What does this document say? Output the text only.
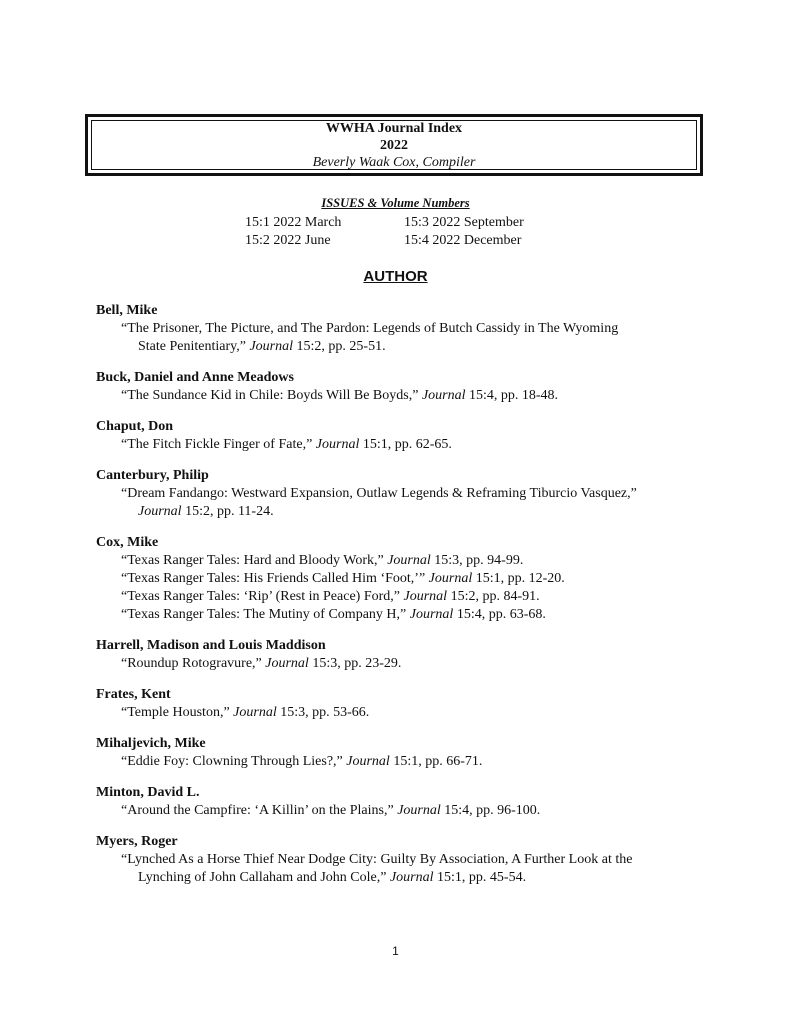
WWHA Journal Index
2022
Beverly Waak Cox, Compiler
ISSUES & Volume Numbers
15:1 2022 March	15:3 2022 September
15:2 2022 June	15:4 2022 December
AUTHOR
Bell, Mike
“The Prisoner, The Picture, and The Pardon: Legends of Butch Cassidy in The Wyoming
State Penitentiary,” Journal 15:2, pp. 25-51.
Buck, Daniel and Anne Meadows
“The Sundance Kid in Chile: Boyds Will Be Boyds,” Journal 15:4, pp. 18-48.
Chaput, Don
“The Fitch Fickle Finger of Fate,” Journal 15:1, pp. 62-65.
Canterbury, Philip
“Dream Fandango: Westward Expansion, Outlaw Legends & Reframing Tiburcio Vasquez,”
Journal 15:2, pp. 11-24.
Cox, Mike
“Texas Ranger Tales: Hard and Bloody Work,” Journal 15:3, pp. 94-99.
“Texas Ranger Tales: His Friends Called Him ‘Foot,’” Journal 15:1, pp. 12-20.
“Texas Ranger Tales: ‘Rip’ (Rest in Peace) Ford,” Journal 15:2, pp. 84-91.
“Texas Ranger Tales: The Mutiny of Company H,” Journal 15:4, pp. 63-68.
Harrell, Madison and Louis Maddison
“Roundup Rotogravure,” Journal 15:3, pp. 23-29.
Frates, Kent
“Temple Houston,” Journal 15:3, pp. 53-66.
Mihaljevich, Mike
“Eddie Foy: Clowning Through Lies?,” Journal 15:1, pp. 66-71.
Minton, David L.
“Around the Campfire: ‘A Killin’ on the Plains,” Journal 15:4, pp. 96-100.
Myers, Roger
“Lynched As a Horse Thief Near Dodge City: Guilty By Association, A Further Look at the
Lynching of John Callaham and John Cole,” Journal 15:1, pp. 45-54.
1
